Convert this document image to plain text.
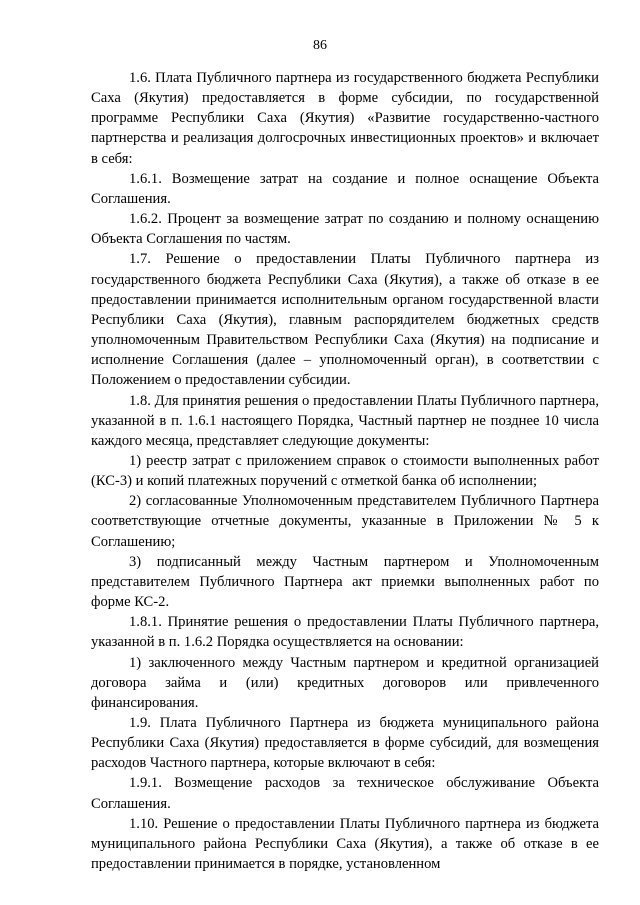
86

1.6. Плата Публичного партнера из государственного бюджета Республики Саха (Якутия) предоставляется в форме субсидии, по государственной программе Республики Саха (Якутия) «Развитие государственно-частного партнерства и реализация долгосрочных инвестиционных проектов» и включает в себя:

1.6.1. Возмещение затрат на создание и полное оснащение Объекта Соглашения.

1.6.2. Процент за возмещение затрат по созданию и полному оснащению Объекта Соглашения по частям.

1.7. Решение о предоставлении Платы Публичного партнера из государственного бюджета Республики Саха (Якутия), а также об отказе в ее предоставлении принимается исполнительным органом государственной власти Республики Саха (Якутия), главным распорядителем бюджетных средств уполномоченным Правительством Республики Саха (Якутия) на подписание и исполнение Соглашения (далее – уполномоченный орган), в соответствии с Положением о предоставлении субсидии.

1.8. Для принятия решения о предоставлении Платы Публичного партнера, указанной в п. 1.6.1 настоящего Порядка, Частный партнер не позднее 10 числа каждого месяца, представляет следующие документы:

1) реестр затрат с приложением справок о стоимости выполненных работ (КС-3) и копий платежных поручений с отметкой банка об исполнении;

2) согласованные Уполномоченным представителем Публичного Партнера соответствующие отчетные документы, указанные в Приложении № 5 к Соглашению;

3) подписанный между Частным партнером и Уполномоченным представителем Публичного Партнера акт приемки выполненных работ по форме КС-2.

1.8.1. Принятие решения о предоставлении Платы Публичного партнера, указанной в п. 1.6.2 Порядка осуществляется на основании:

1) заключенного между Частным партнером и кредитной организацией договора займа и (или) кредитных договоров или привлеченного финансирования.

1.9. Плата Публичного Партнера из бюджета муниципального района Республики Саха (Якутия) предоставляется в форме субсидий, для возмещения расходов Частного партнера, которые включают в себя:

1.9.1. Возмещение расходов за техническое обслуживание Объекта Соглашения.

1.10. Решение о предоставлении Платы Публичного партнера из бюджета муниципального района Республики Саха (Якутия), а также об отказе в ее предоставлении принимается в порядке, установленном
